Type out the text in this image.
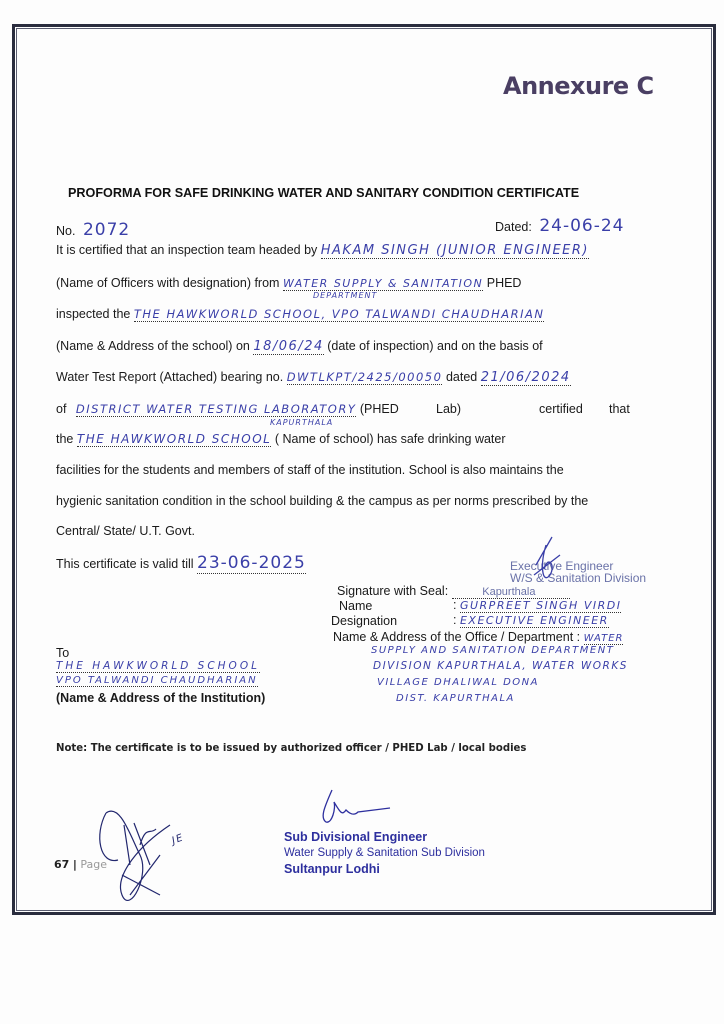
Annexure C
PROFORMA FOR SAFE DRINKING WATER AND SANITARY CONDITION CERTIFICATE
No. 2072	Dated: 24-06-24
It is certified that an inspection team headed by HAKAM SINGH (JUNIOR ENGINEER)
(Name of Officers with designation) from WATER SUPPLY & SANITATION PHED
DEPARTMENT
inspected the THE HAWKWORLD SCHOOL, VPO TALWANDI CHAUDHARIAN
(Name & Address of the school) on 18/06/24 (date of inspection) and on the basis of
Water Test Report (Attached) bearing no. DWTLKPT/2425/00050 dated 21/06/2024
of DISTRICT WATER TESTING LABORATORY (PHED	Lab)	certified that
KAPURTHALA
the THE HAWKWORLD SCHOOL ( Name of school) has safe drinking water
facilities for the students and members of staff of the institution. School is also maintains the
hygienic sanitation condition in the school building & the campus as per norms prescribed by the
Central/ State/ U.T. Govt.
This certificate is valid till 23-06-2025	Executive Engineer
W/S & Sanitation Division
Signature with Seal:	Kapurthala
Name	: GURPREET SINGH VIRDI
Designation	: EXECUTIVE ENGINEER
Name & Address of the Office / Department : WATER
SUPPLY AND SANITATION DEPARTMENT
DIVISION KAPURTHALA, WATER WORKS
VILLAGE DHALIWAL DONA
DIST. KAPURTHALA
To
THE HAWKWORLD SCHOOL
VPO TALWANDI CHAUDHARIAN
(Name & Address of the Institution)
Note: The certificate is to be issued by authorized officer / PHED Lab / local bodies
Sub Divisional Engineer
Water Supply & Sanitation Sub Division
Sultanpur Lodhi
67 | Page
JE
